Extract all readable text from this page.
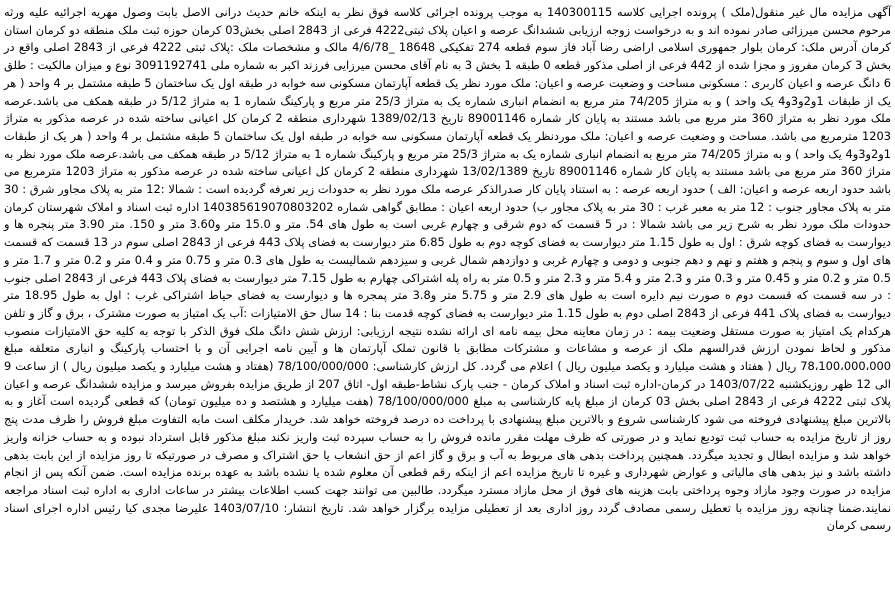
آگهی مزایده مال غیر منقول(ملک ) پرونده اجرایی کلاسه 140300115 به موجب پرونده اجرائی کلاسه فوق نظر به اینکه خانم حدیث درانی الاصل بابت وصول مهریه اجرائیه علیه ورثه مرحوم محسن میرزائی صادر نموده اند و به درخواست زوجه ارزیابی ششدانگ عرصه و اعیان پلاک ثبتی4222 فرعی از 2843 اصلی بخش03 کرمان حوزه ثبت ملک منطقه دو کرمان استان کرمان آدرس ملک: کرمان بلوار جمهوری اسلامی اراضی رضا آباد فاز سوم قطعه 274 تفکیکی 18648 _4/6/78 مالک و مشخصات ملک :پلاک ثبتی 4222 فرعی از 2843 اصلی واقع در بخش 3 کرمان مفروز و مجزا شده از 442 فرعی از اصلی مذکور قطعه 0 طبقه 1 بخش 3 به نام آقای محسن میرزایی فرزند اکبر به شماره ملی 3091192741 نوع و میزان مالکیت : طلق 6 دانگ عرصه و اعیان کاربری : مسکونی مساحت و وضعیت عرصه و اعیان: ملک مورد نظر یک قطعه آپارتمان مسکونی سه خوابه در طبقه اول یک ساختمان 5 طبقه مشتمل بر 4 واحد ( هر یک از طبقات 1و2و3و4 یک واحد ) و به متراژ 74/205 متر مربع به انضمام انباری شماره یک به متراژ 25/3 متر مربع و پارکینگ شماره 1 به متراژ 5/12 در طبقه همکف می باشد.عرصه ملک مورد نظر به متراژ 360 متر مربع می باشد مستند به پایان کار شماره 89001146 تاریخ 1389/02/13 شهرداری منطقه 2 کرمان کل اعیانی ساخته شده در عرصه مذکور به متراژ 1203 مترمربع می باشد. مساحت و وضعیت عرصه و اعیان: ملک موردنظر یک قطعه آپارتمان مسکونی سه خوابه در طبقه اول یک ساختمان 5 طبقه مشتمل بر 4 واحد ( هر یک از طبقات 1و2و3و4 یک واحد ) و به متراژ 74/205 متر مربع به انضمام انباری شماره یک به متراژ 25/3 متر مربع و پارکینگ شماره 1 به متراژ 5/12 در طبقه همکف می باشد.عرصه ملک مورد نظر به متراژ 360 متر مربع می باشد مستند به پایان کار شماره 89001146 تاریخ 13/02/1389 شهرداری منطقه 2 کرمان کل اعیانی ساخته شده در عرصه مذکور به متراژ 1203 مترمربع می باشد حدود اربعه عرصه و اعیان: الف ) حدود اربعه عرصه : به استناد پایان کار صدرالذکر عرصه ملک مورد نظر به حدودات زیر تعرفه گردیده است : شمالا :12 متر به پلاک مجاور شرق : 30 متر به پلاک مجاور جنوب : 12 متر به معبر غرب : 30 متر به پلاک مجاور ب) حدود اربعه اعیان : مطابق گواهی شماره 140385619070803202 اداره ثبت اسناد و املاک شهرستان کرمان حدودات ملک مورد نظر به شرح زیر می باشد شمالا : در 5 قسمت که دوم شرقی و چهارم غربی است به طول های 54. متر و 15.0 متر و3.60 متر و 150. متر 3.90 متر پنجره ها و دیوارست به فضای کوچه شرق : اول به طول 1.15 متر دیوارست به فضای کوچه دوم به طول 6.85 متر دیوارست به فضای پلاک 443 فرعی از 2843 اصلی سوم در 13 قسمت که قسمت های اول و سوم و پنجم و هفتم و نهم و دهم جنوبی و دومی و چهارم غربی و دوازدهم شمال غربی و سیزدهم شمالیست به طول های 0.3 متر و 0.75 متر و 0.4 متر و 0.2 متر و 1.7 متر و 0.5 متر و 0.2 متر و 0.45 متر و 0.3 متر و 2.3 متر و 5.4 متر و 2.3 متر و 0.5 متر به راه پله اشتراکی چهارم به طول 7.15 متر دیوارست به فضای پلاک 443 فرعی از 2843 اصلی جنوب : در سه قسمت که قسمت دوم ه صورت نیم دایره است به طول های 2.9 متر و 5.75 متر و3.8 متر پمجره ها و دیوارست به فضای حیاط اشتراکی غرب : اول به طول 18.95 متر دیوارست به فضای پلاک 441 فرعی از 2843 اصلی دوم به طول 1.15 متر دیوارست به فضای کوچه قدمت بنا : 14 سال حق الامتیازات :آب یک امتیاز به صورت مشترک ، برق و گاز و تلفن هرکدام یک امتیاز به صورت مستقل وضعیت بیمه : در زمان معاینه محل بیمه نامه ای ارائه نشده نتیجه ارزیابی: ارزش شش دانگ ملک فوق الذکر با توجه به کلیه حق الامتیازات منصوب مذکور و لحاظ نمودن ارزش قدرالسهم ملک از عرصه و مشاعات و مشترکات مطابق با قانون تملک آپارتمان ها و آیین نامه اجرایی آن و با احتساب پارکینگ و انباری متعلقه مبلغ 78،100،000،000 ریال ( هفتاد و هشت میلیارد و یکصد میلیون ریال ) اعلام می گردد. کل ارزش کارشناسی: 78/100/000/000 (هفتاد و هشت میلیارد و یکصد میلیون ریال ) از ساعت 9 الی 12 ظهر روزیکشنبه 1403/07/22 در کرمان-اداره ثبت اسناد و املاک کرمان - جنب پارک نشاط-طبقه اول- اتاق 207 از طریق مزایده بفروش میرسد و مزایده ششدانگ عرصه و اعیان پلاک ثبتی 4222 فرعی از 2843 اصلی بخش 03 کرمان از مبلغ پایه کارشناسی به مبلغ 78/100/000/000 (هفت میلیارد و هشتصد و ده میلیون تومان) که قطعی گردیده است آغاز و به بالاترین مبلغ پیشنهادی فروخته می شود کارشناسی شروع و بالاترین مبلغ پیشنهادی با پرداخت ده درصد فروخته خواهد شد. خریدار مکلف است مابه التفاوت مبلغ فروش را ظرف مدت پنج روز از تاریخ مزایده به حساب ثبت تودیع نماید و در صورتی که ظرف مهلت مقرر مانده فروش را به حساب سپرده ثبت واریز نکند مبلغ مذکور قابل استرداد نبوده و به حساب خزانه واریز خواهد شد و مزایده ابطال و تجدید میگردد. همچنین پرداخت بدهی های مربوط به آب و برق و گاز اعم از حق انشعاب یا حق اشتراک و مصرف در صورتیکه تا روز مزایده از این بابت بدهی داشته باشد و نیز بدهی های مالیاتی و عوارض شهرداری و غیره تا تاریخ مزایده اعم از اینکه رقم قطعی آن معلوم شده یا نشده باشد به عهده برنده مزایده است. ضمن آنکه پس از انجام مزایده در صورت وجود مازاد وجوه پرداختی بابت هزینه های فوق از محل مازاد مسترد میگردد. طالبین می توانند جهت کسب اطلاعات بیشتر در ساعات اداری به اداره ثبت اسناد مراجعه نمایند.ضمنا چنانچه روز مزایده با تعطیل رسمی مصادف گردد روز اداری بعد از تعطیلی مزایده برگزار خواهد شد. تاریخ انتشار: 1403/07/10 علیرضا مجدی کیا رئیس اداره اجرای اسناد رسمی کرمان
